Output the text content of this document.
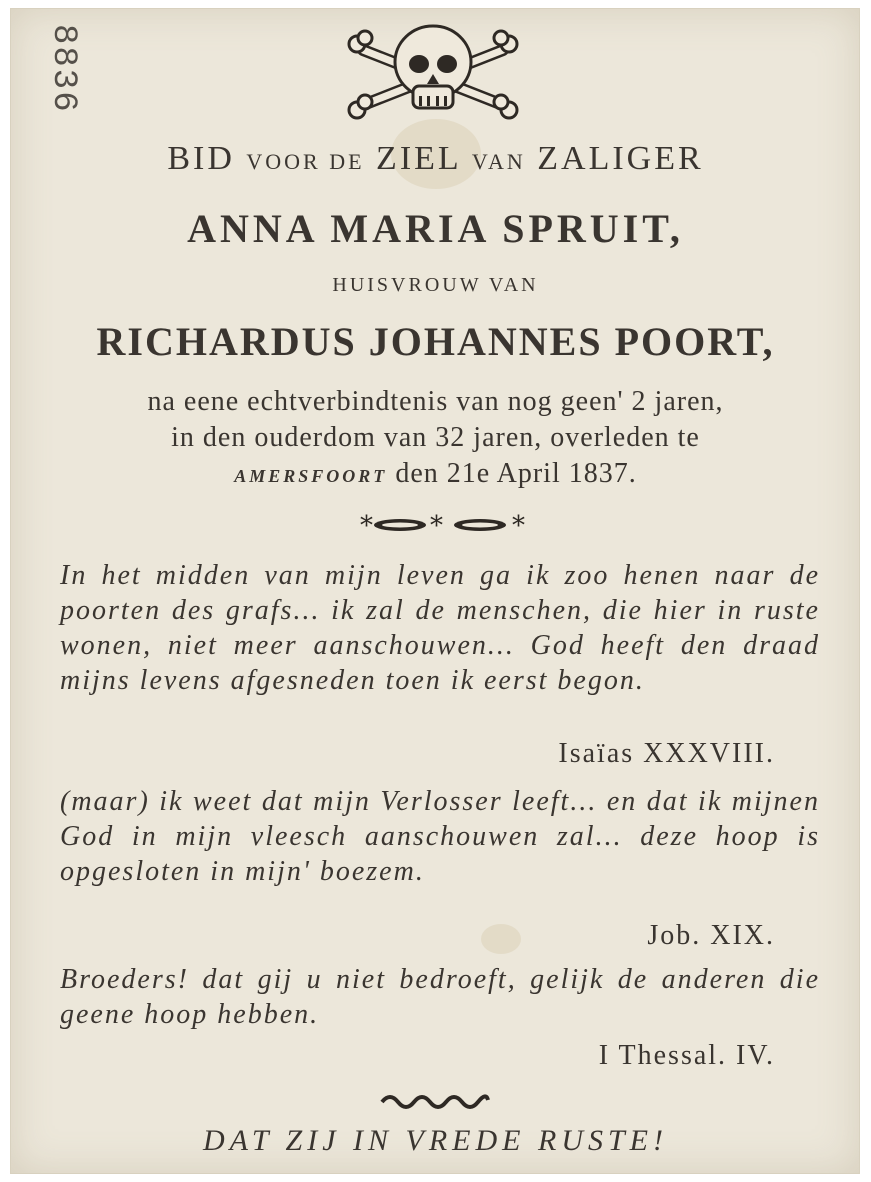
8836
BID VOOR DE ZIEL VAN ZALIGER
ANNA MARIA SPRUIT,
HUISVROUW VAN
RICHARDUS JOHANNES POORT,
na eene echtverbindtenis van nog geen' 2 jaren,
in den ouderdom van 32 jaren, overleden te
AMERSFOORT den 21e April 1837.
* *	*
In het midden van mijn leven ga ik zoo henen naar de poorten des grafs... ik zal de menschen, die hier in ruste wonen, niet meer aanschouwen... God heeft den draad mijns levens afgesneden toen ik eerst begon.
Isaïas XXXVIII.
(maar) ik weet dat mijn Verlosser leeft... en dat ik mijnen God in mijn vleesch aanschouwen zal... deze hoop is opgesloten in mijn' boezem.
Job. XIX.
Broeders! dat gij u niet bedroeft, gelijk de anderen die geene hoop hebben.
I Thessal. IV.
DAT ZIJ IN VREDE RUSTE!
